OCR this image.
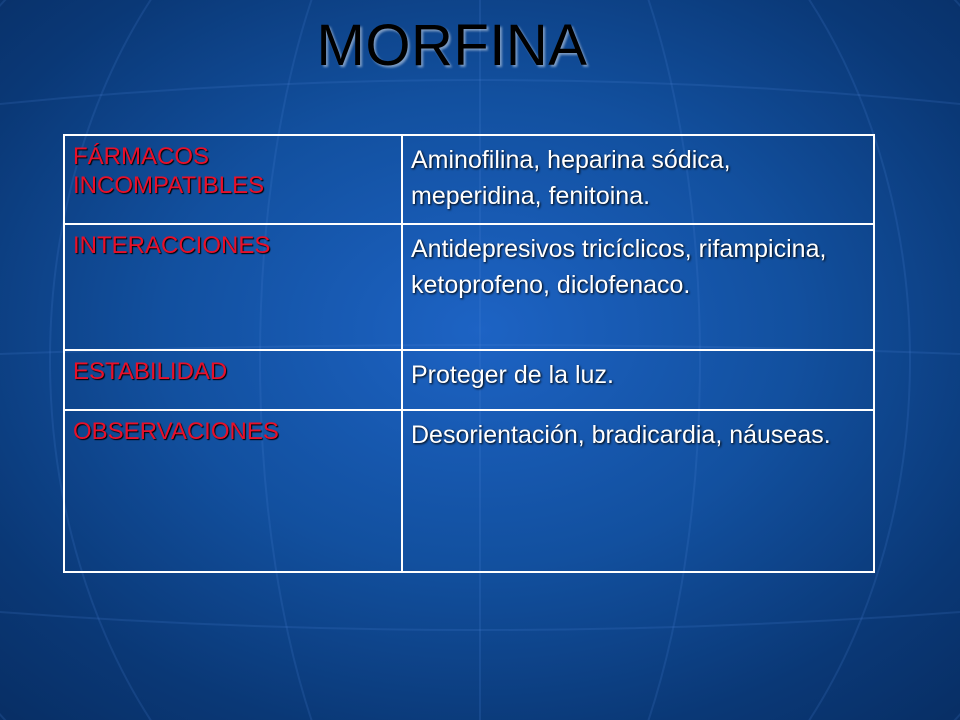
MORFINA
FÁRMACOS INCOMPATIBLES	Aminofilina, heparina sódica, meperidina, fenitoina.

INTERACCIONES	Antidepresivos tricíclicos, rifampicina, ketoprofeno, diclofenaco.

ESTABILIDAD	Proteger de la luz.

OBSERVACIONES	Desorientación, bradicardia, náuseas.
